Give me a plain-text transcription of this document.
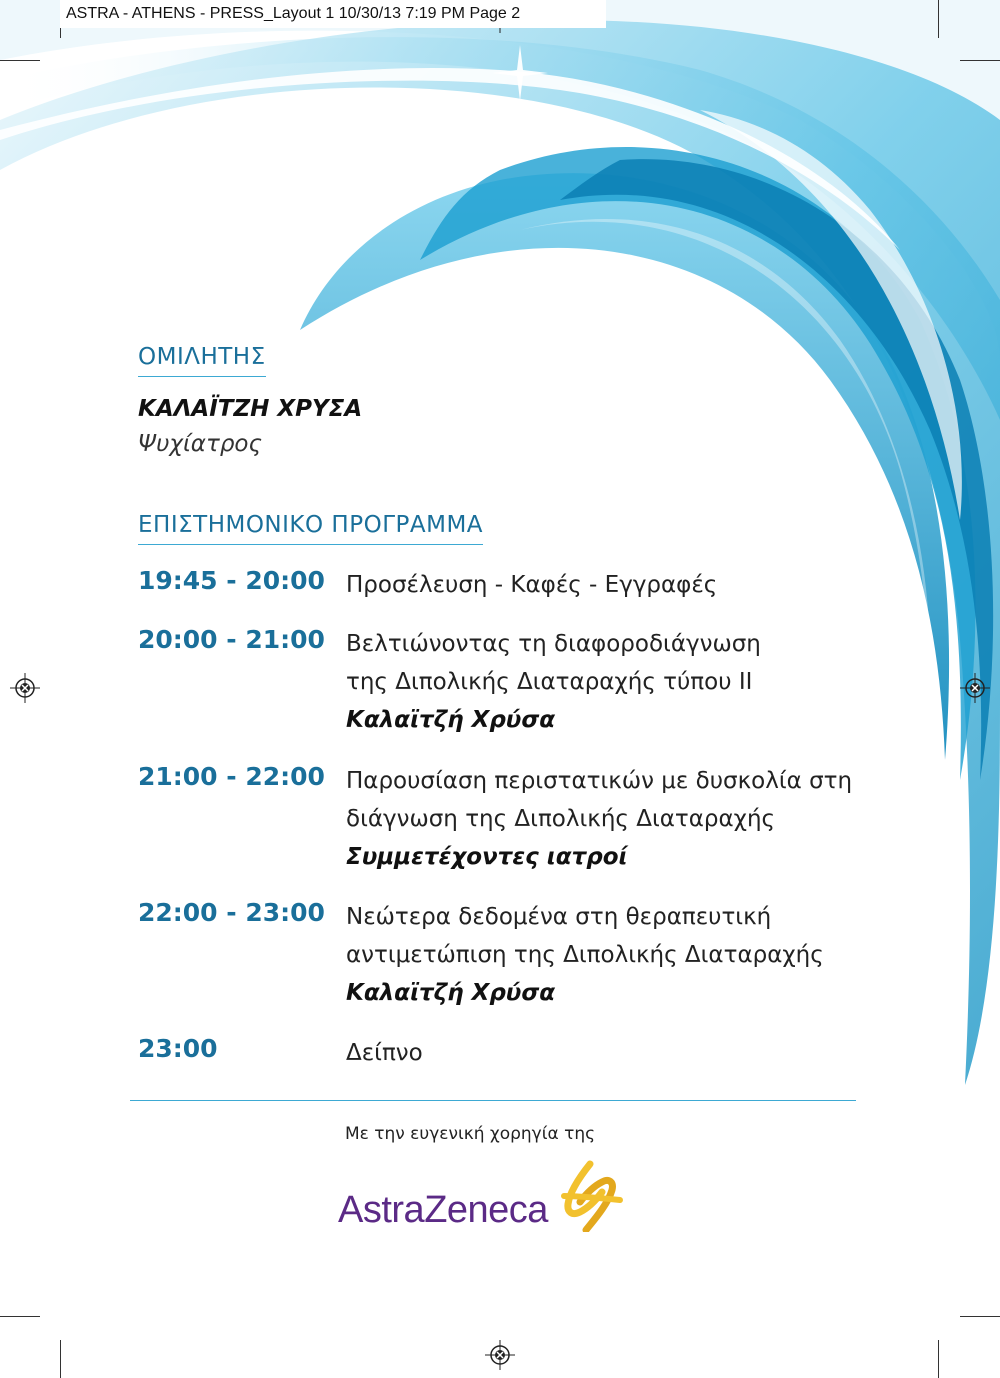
ASTRA - ATHENS - PRESS_Layout 1 10/30/13 7:19 PM Page 2
ΟΜΙΛΗΤΗΣ
ΚΑΛΑΪΤΖΗ ΧΡΥΣΑ
Ψυχίατρος
ΕΠΙΣΤΗΜΟΝΙΚΟ ΠΡΟΓΡΑΜΜΑ
19:45 - 20:00 Προσέλευση - Καφές - Εγγραφές
20:00 - 21:00 Βελτιώνοντας τη διαφοροδιάγνωση
της Διπολικής Διαταραχής τύπου ΙΙ
Καλαϊτζή Χρύσα
21:00 - 22:00 Παρουσίαση περιστατικών με δυσκολία στη
διάγνωση της Διπολικής Διαταραχής
Συμμετέχοντες ιατροί
22:00 - 23:00 Νεώτερα δεδομένα στη θεραπευτική
αντιμετώπιση της Διπολικής Διαταραχής
Καλαϊτζή Χρύσα
23:00	Δείπνο
Με την ευγενική χορηγία της
AstraZeneca
